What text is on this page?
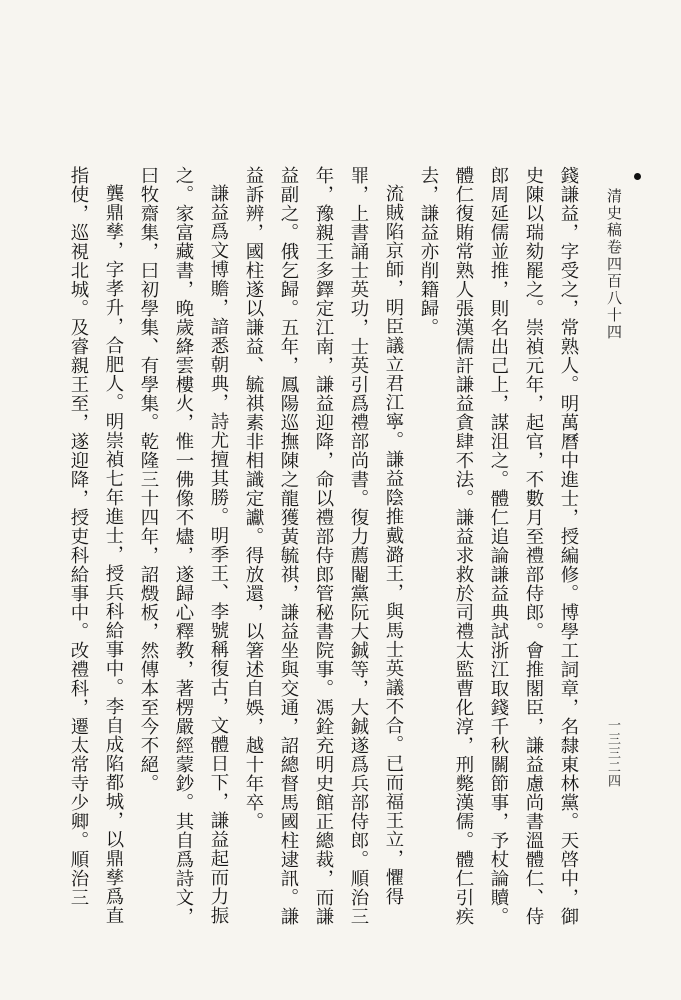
清史稿卷四百八十四
一三三二四

錢謙益，字受之，常熟人。明萬曆中進士，授編修。博學工詞章，名隸東林黨。天啓中，御史陳以瑞劾罷之。崇禎元年，起官，不數月至禮部侍郎。會推閣臣，謙益慮尚書溫體仁、侍郎周延儒並推，則名出己上，謀沮之。體仁追論謙益典試浙江取錢千秋關節事，予杖論贖。體仁復賄常熟人張漢儒訐謙益貪肆不法。謙益求救於司禮太監曹化淳，刑斃漢儒。體仁引疾去，謙益亦削籍歸。

流賊陷京師，明臣議立君江寧。謙益陰推戴潞王，與馬士英議不合。已而福王立，懼得罪，上書誦士英功，士英引爲禮部尚書。復力薦閹黨阮大鋮等，大鋮遂爲兵部侍郎。順治三年，豫親王多鐸定江南，謙益迎降，命以禮部侍郎管秘書院事。馮銓充明史館正總裁，而謙益副之。俄乞歸。五年，鳳陽巡撫陳之龍獲黃毓祺，謙益坐與交通，詔總督馬國柱逮訊。謙益訴辨，國柱遂以謙益、毓祺素非相識定讞。得放還，以箸述自娛，越十年卒。

謙益爲文博贍，諳悉朝典，詩尤擅其勝。明季王、李號稱復古，文體日下，謙益起而力振之。家富藏書，晚歲絳雲樓火，惟一佛像不燼，遂歸心釋教，著楞嚴經蒙鈔。其自爲詩文，曰牧齋集，曰初學集、有學集。乾隆三十四年，詔燬板，然傳本至今不絕。

龔鼎孳，字孝升，合肥人。明崇禎七年進士，授兵科給事中。李自成陷都城，以鼎孳爲直指使，巡視北城。及睿親王至，遂迎降，授吏科給事中。改禮科，遷太常寺少卿。順治三
